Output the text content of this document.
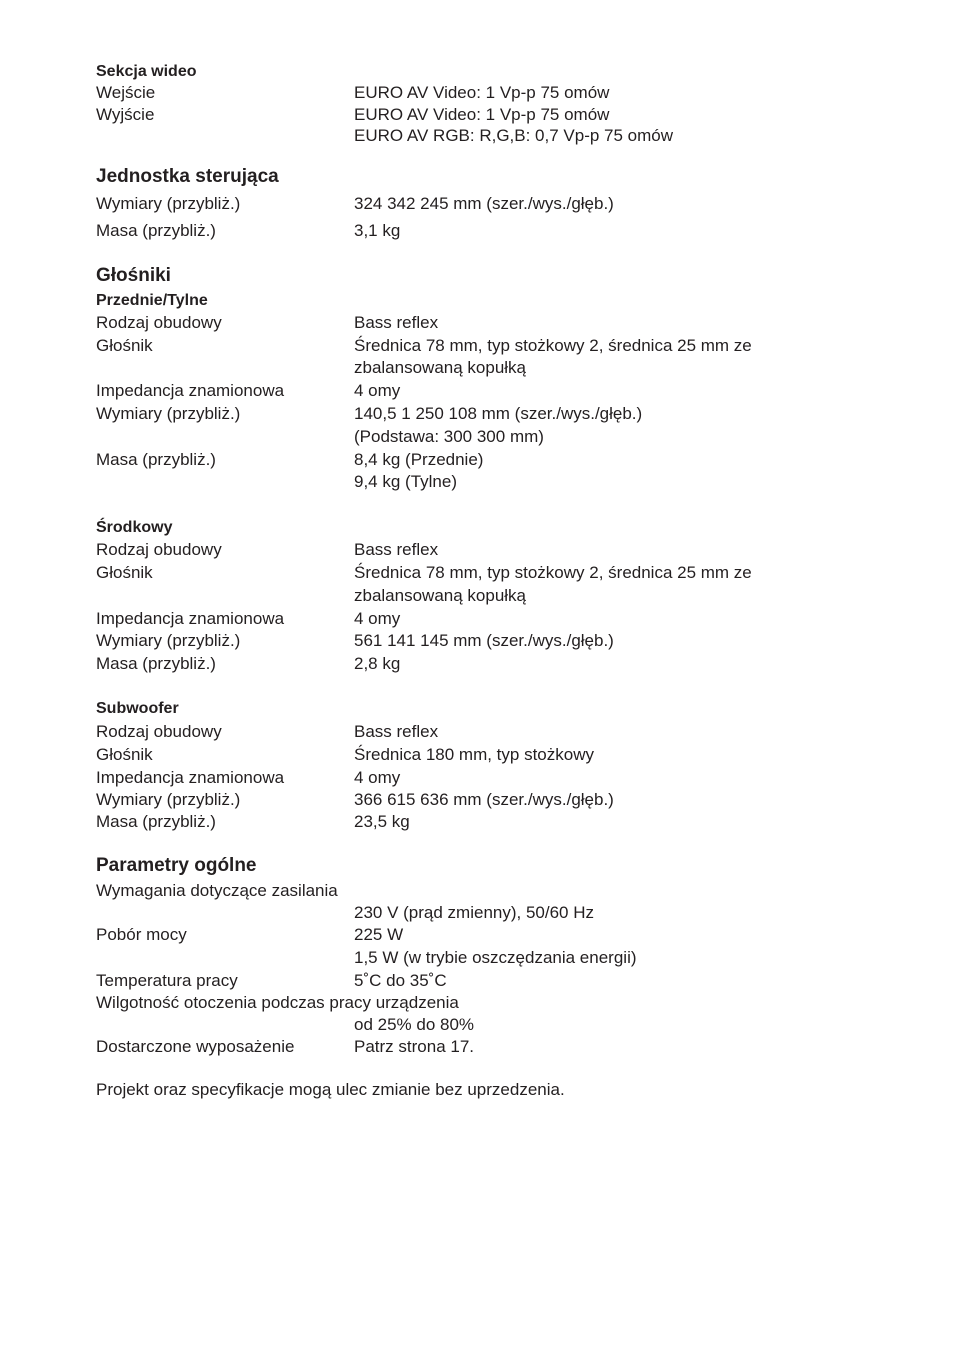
Sekcja wideo
Wejście	EURO AV Video: 1 Vp-p 75 omów
Wyjście	EURO AV Video: 1 Vp-p 75 omów
EURO AV RGB: R,G,B: 0,7 Vp-p 75 omów
Jednostka sterująca
Wymiary (przybliż.)	324 342 245 mm (szer./wys./głęb.)
Masa (przybliż.)	3,1 kg
Głośniki
Przednie/Tylne
Rodzaj obudowy	Bass reflex
Głośnik	Średnica 78 mm, typ stożkowy 2, średnica 25 mm ze
zbalansowaną kopułką
Impedancja znamionowa	4 omy
Wymiary (przybliż.)	140,5 1 250 108 mm (szer./wys./głęb.)
(Podstawa: 300 300 mm)
Masa (przybliż.)	8,4 kg (Przednie)
9,4 kg (Tylne)
Środkowy
Rodzaj obudowy	Bass reflex
Głośnik	Średnica 78 mm, typ stożkowy 2, średnica 25 mm ze
zbalansowaną kopułką
Impedancja znamionowa	4 omy
Wymiary (przybliż.)	561 141 145 mm (szer./wys./głęb.)
Masa (przybliż.)	2,8 kg
Subwoofer
Rodzaj obudowy	Bass reflex
Głośnik	Średnica 180 mm, typ stożkowy
Impedancja znamionowa	4 omy
Wymiary (przybliż.)	366 615 636 mm (szer./wys./głęb.)
Masa (przybliż.)	23,5 kg
Parametry ogólne
Wymagania dotyczące zasilania
230 V (prąd zmienny), 50/60 Hz
Pobór mocy	225 W
1,5 W (w trybie oszczędzania energii)
Temperatura pracy	5˚C do 35˚C
Wilgotność otoczenia podczas pracy urządzenia
od 25% do 80%
Dostarczone wyposażenie	Patrz strona 17.
Projekt oraz specyfikacje mogą ulec zmianie bez uprzedzenia.
